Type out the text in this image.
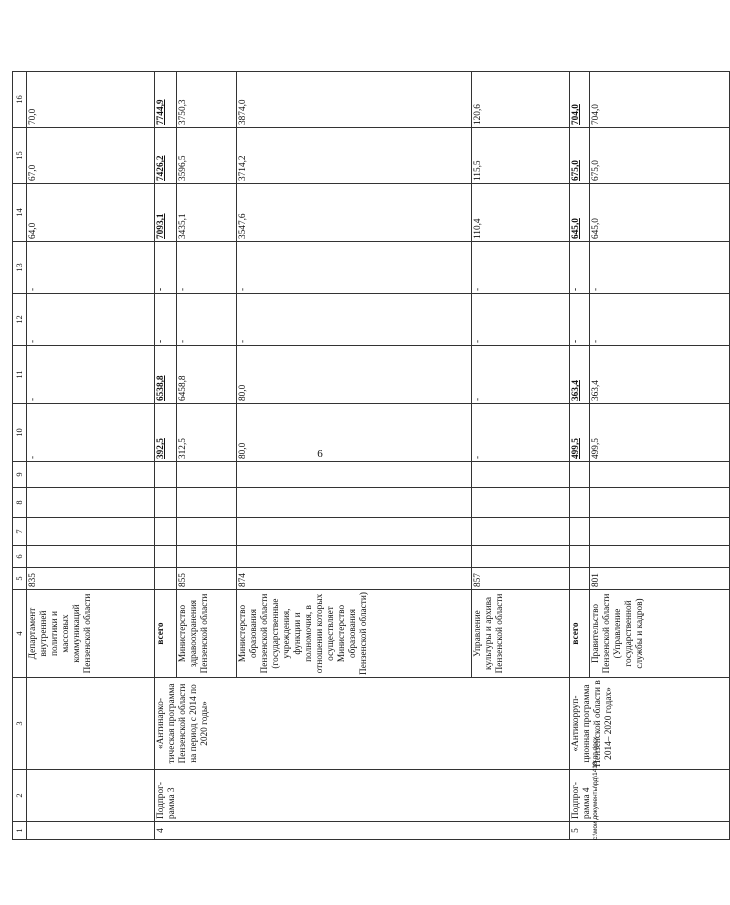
6
1	2	3	4	5	6	7	8	9	10	11	12	13	14	15	16
			Департамент внутренней политики и массовых коммуникаций Пензенской области	835					-	-	-	-	64,0	67,0	70,0
4	Подпрог- рамма 3	«Антинарко- тическая программа Пензенской области на период с 2014 по 2020 годы»	всего						392,5	6538,8	-	-	7093,1	7426,2	7744,9
			Министерство здравоохранения Пензенской области	855					312,5	6458,8	-	-	3435,1	3596,5	3750,3
			Министерство образования Пензенской области (государственные учреждения, функции и полномочия, в отношении которых осуществляет Министерство образования Пензенской области)	874					80,0	80,0	-	-	3547,6	3714,2	3874,0
			Управление культуры и архива Пензенской области	857					-	-	-	-	110,4	115,5	120,6
5	Подпрог- рамма 4	«Антикорруп- ционная программа Пензенской области в 2014– 2020 годах»	всего						499,5	363,4	-	-	645,0	675,0	704,0
			Правительство Пензенской области (Управление государственной службы и кадров)	801					499,5	363,4	-	-	645,0	675,0	704,0
c:\мои документы\рд\1418-пп.docx
